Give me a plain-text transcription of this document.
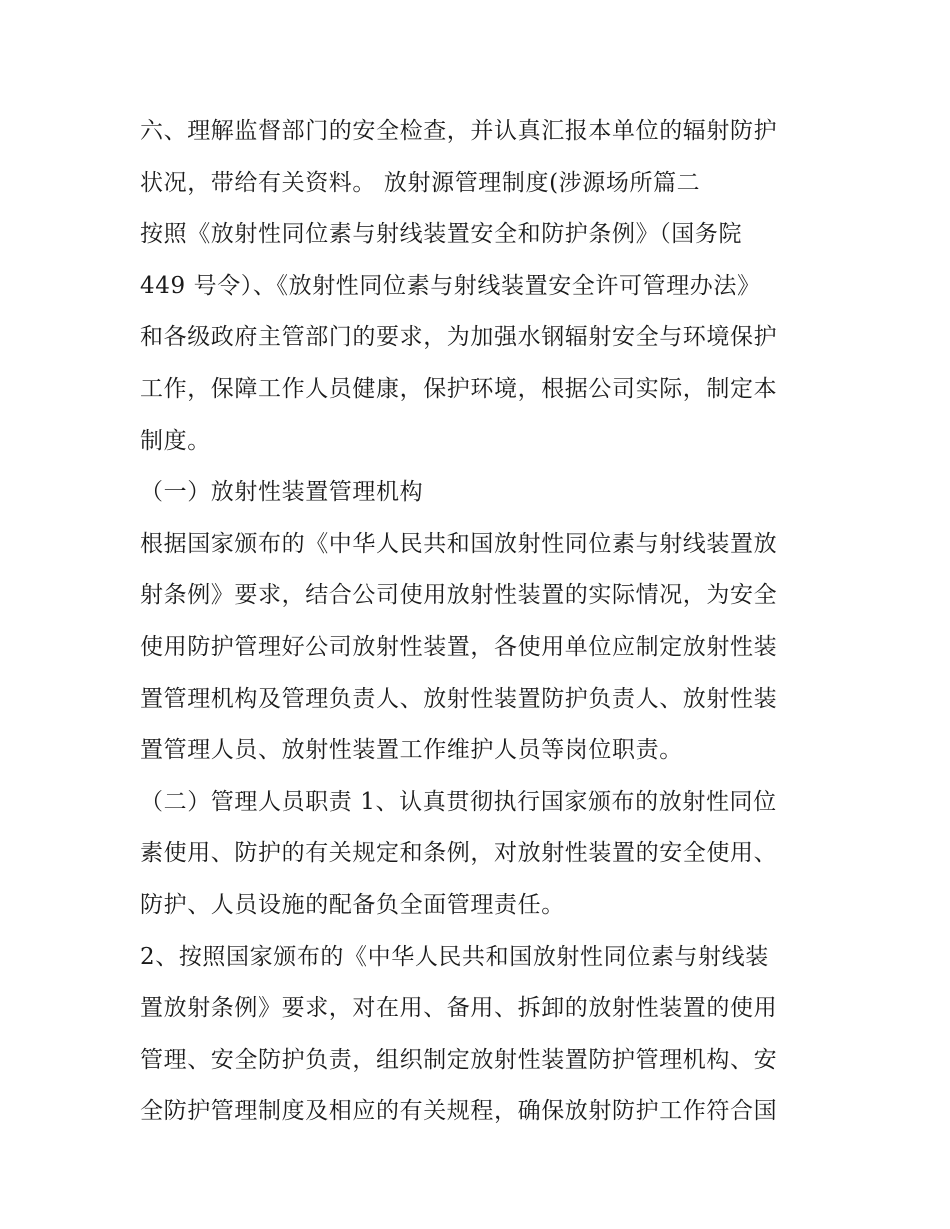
六、理解监督部门的安全检查，并认真汇报本单位的辐射防护
状况，带给有关资料。 放射源管理制度(涉源场所篇二
按照《放射性同位素与射线装置安全和防护条例》（国务院
449 号令）、《放射性同位素与射线装置安全许可管理办法》
和各级政府主管部门的要求，为加强水钢辐射安全与环境保护
工作，保障工作人员健康，保护环境，根据公司实际，制定本
制度。
（一）放射性装置管理机构
根据国家颁布的《中华人民共和国放射性同位素与射线装置放
射条例》要求，结合公司使用放射性装置的实际情况，为安全
使用防护管理好公司放射性装置，各使用单位应制定放射性装
置管理机构及管理负责人、放射性装置防护负责人、放射性装
置管理人员、放射性装置工作维护人员等岗位职责。
（二）管理人员职责 1、认真贯彻执行国家颁布的放射性同位
素使用、防护的有关规定和条例，对放射性装置的安全使用、
防护、人员设施的配备负全面管理责任。
2、按照国家颁布的《中华人民共和国放射性同位素与射线装
置放射条例》要求，对在用、备用、拆卸的放射性装置的使用
管理、安全防护负责，组织制定放射性装置防护管理机构、安
全防护管理制度及相应的有关规程，确保放射防护工作符合国
